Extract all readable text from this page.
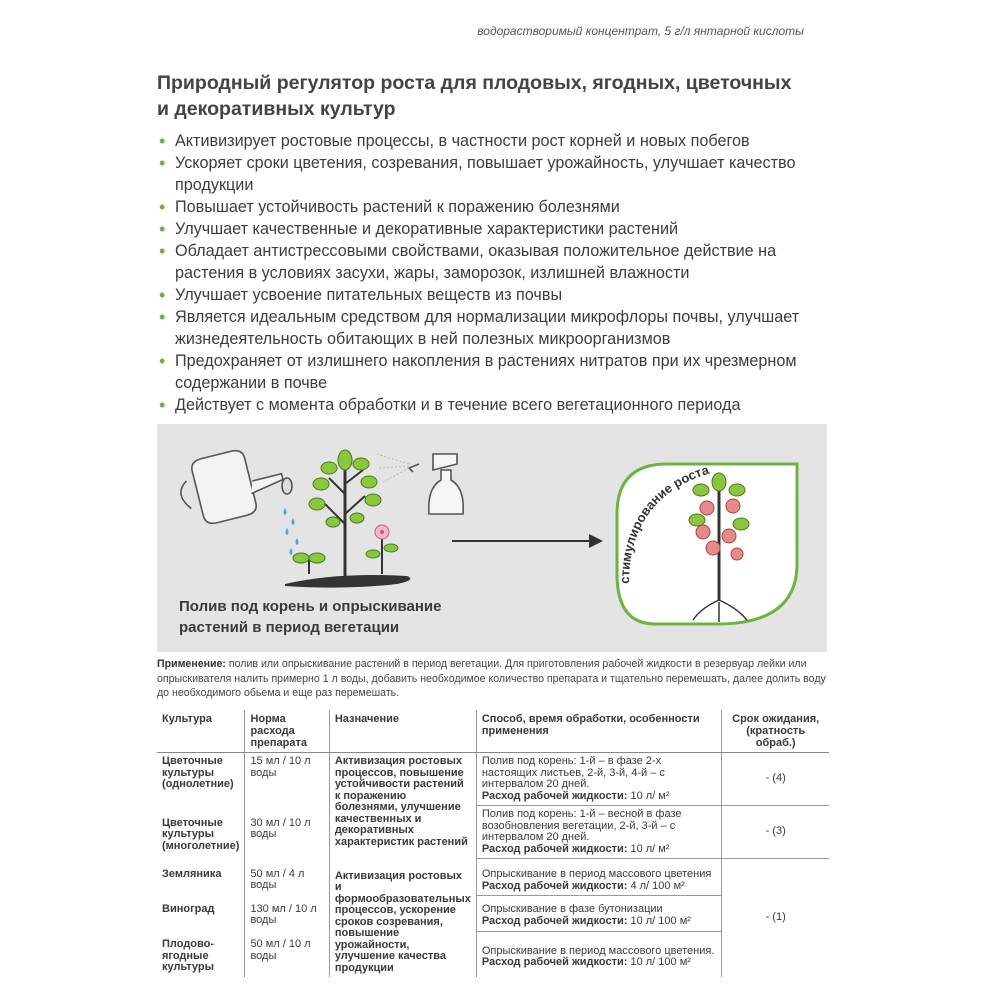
водорастворимый концентрат, 5 г/л янтарной кислоты
Природный регулятор роста для плодовых, ягодных, цветочных
и декоративных культур
• Активизирует ростовые процессы, в частности рост корней и новых побегов
• Ускоряет сроки цветения, созревания, повышает урожайность, улучшает качество продукции
• Повышает устойчивость растений к поражению болезнями
• Улучшает качественные и декоративные характеристики растений
• Обладает антистрессовыми свойствами, оказывая положительное действие на растения в условиях засухи, жары, заморозок, излишней влажности
• Улучшает усвоение питательных веществ из почвы
• Является идеальным средством для нормализации микрофлоры почвы, улучшает жизнедеятельность обитающих в ней полезных микроорганизмов
• Предохраняет от излишнего накопления в растениях нитратов при их чрезмерном содержании в почве
• Действует с момента обработки и в течение всего вегетационного периода
стимулирование роста
Полив под корень и опрыскивание
растений в период вегетации
Применение: полив или опрыскивание растений в период вегетации. Для приготовления рабочей жидкости в резервуар лейки или опрыскивателя налить примерно 1 л воды, добавить необходимое количество препарата и тщательно перемешать, далее долить воду до необходимого обьема и еще раз перемешать.
Культура	Норма расхода препарата	Назначение	Способ, время обработки, особенности применения	Срок ожидания, (кратность обраб.)
Цветочные культуры (однолетние)	15 мл / 10 л воды	Активизация ростовых процессов, повышение устойчивости растений к поражению болезнями, улучшение качественных и декоративных характеристик растений	Полив под корень: 1-й – в фазе 2-х настоящих листьев, 2-й, 3-й, 4-й – с интервалом 20 дней.
Расход рабочей жидкости: 10 л/ м²	- (4)
Цветочные культуры (многолетние)	30 мл / 10 л воды		Полив под корень: 1-й – весной в фазе возобновления вегетации, 2-й, 3-й – с интервалом 20 дней.
Расход рабочей жидкости: 10 л/ м²	- (3)
Земляника	50 мл / 4 л воды	Активизация ростовых и формообразовательных процессов, ускорение сроков созревания, повышение урожайности, улучшение качества продукции	Опрыскивание в период массового цветения
Расход рабочей жидкости: 4 л/ 100 м²	- (1)
Виноград	130 мл / 10 л воды		Опрыскивание в фазе бутонизации
Расход рабочей жидкости: 10 л/ 100 м²	
Плодово-ягодные культуры	50 мл / 10 л воды		Опрыскивание в период массового цветения.
Расход рабочей жидкости: 10 л/ 100 м²	
